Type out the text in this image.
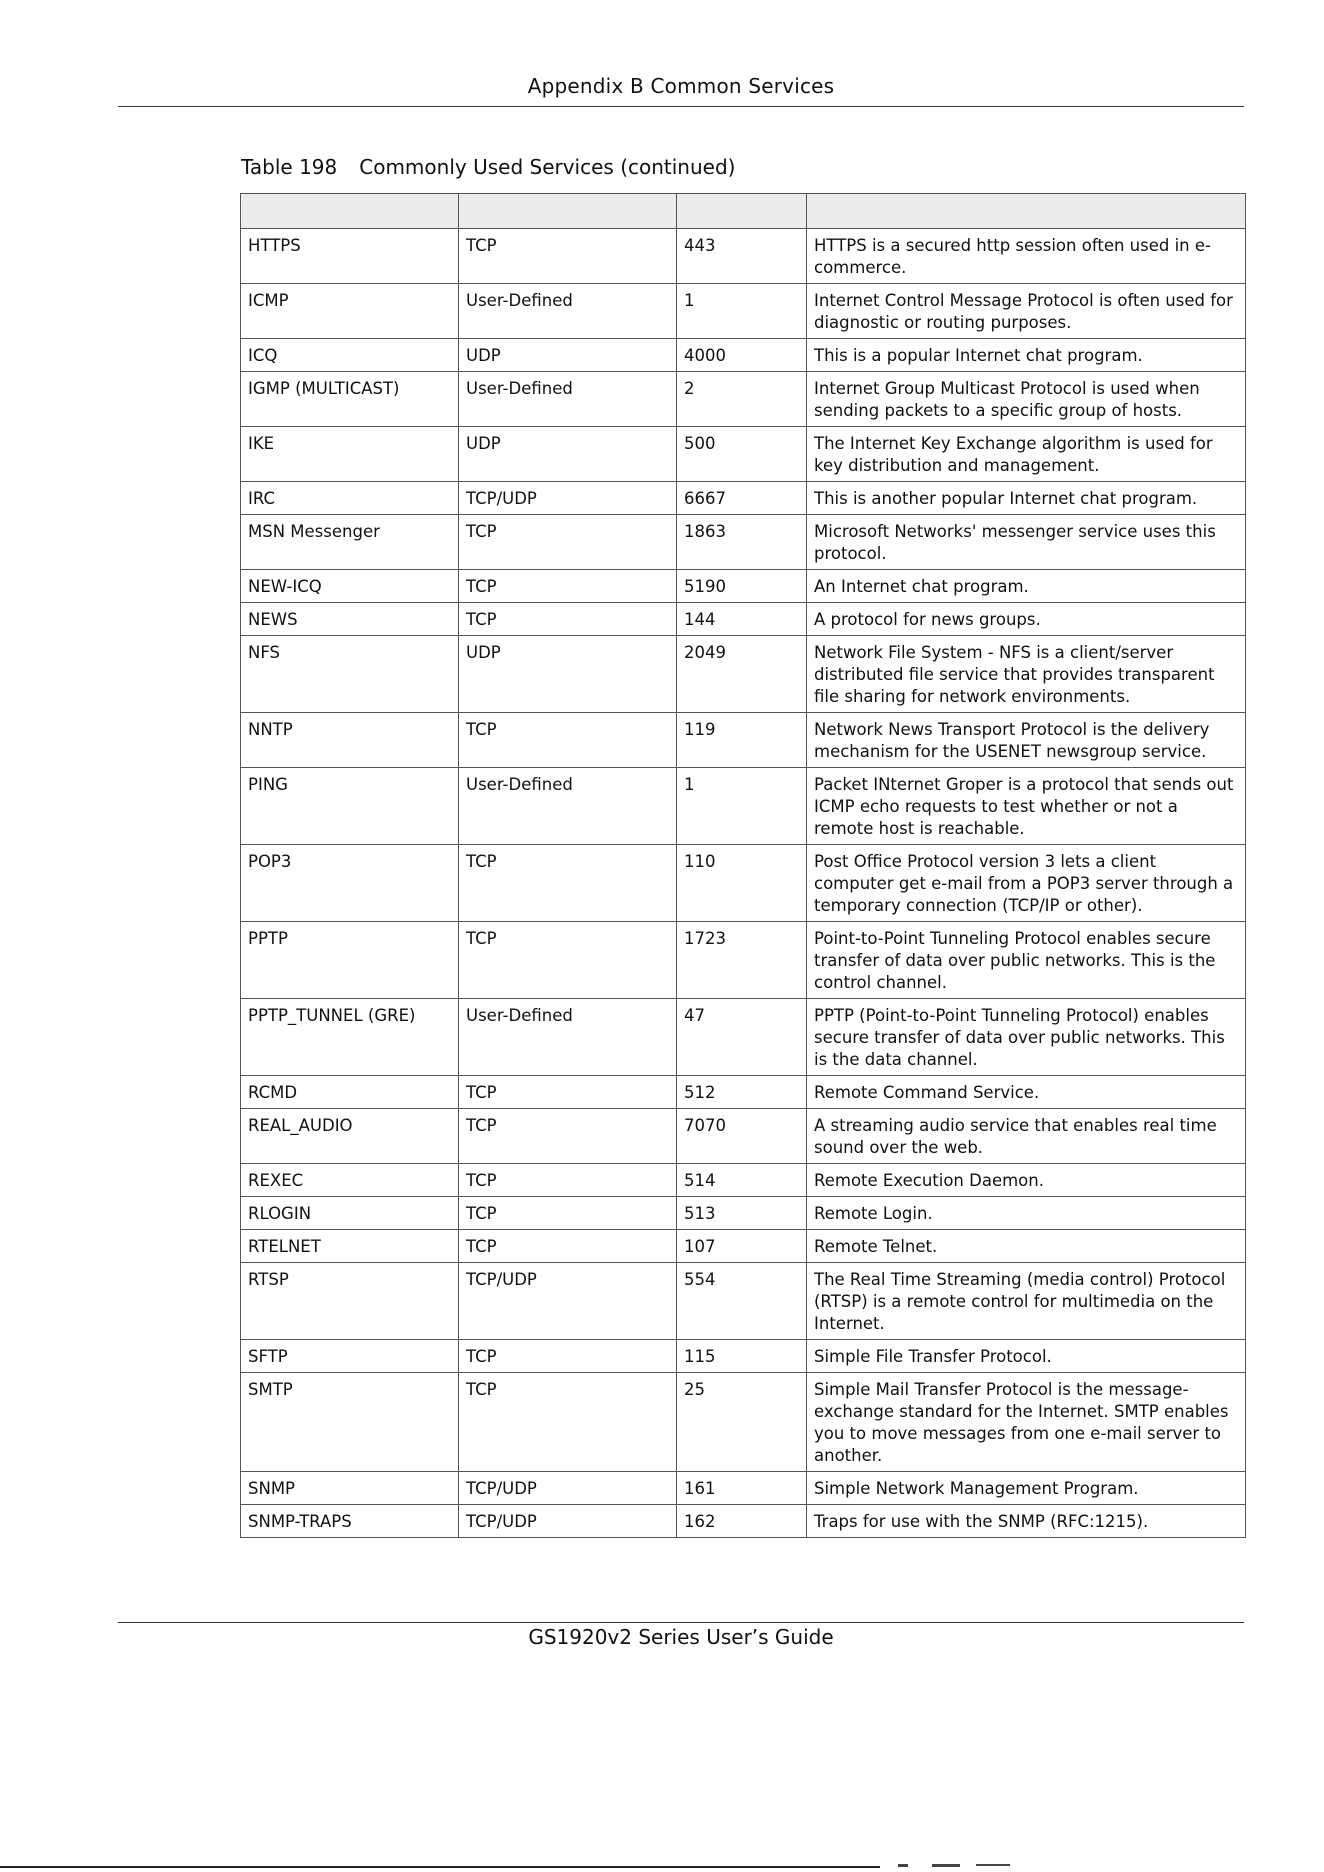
Appendix B Common Services
Table 198 Commonly Used Services (continued)

HTTPS	TCP	443	HTTPS is a secured http session often used in e-commerce.
ICMP	User-Defined	1	Internet Control Message Protocol is often used for diagnostic or routing purposes.
ICQ	UDP	4000	This is a popular Internet chat program.
IGMP (MULTICAST)	User-Defined	2	Internet Group Multicast Protocol is used when sending packets to a specific group of hosts.
IKE	UDP	500	The Internet Key Exchange algorithm is used for key distribution and management.
IRC	TCP/UDP	6667	This is another popular Internet chat program.
MSN Messenger	TCP	1863	Microsoft Networks' messenger service uses this protocol.
NEW-ICQ	TCP	5190	An Internet chat program.
NEWS	TCP	144	A protocol for news groups.
NFS	UDP	2049	Network File System - NFS is a client/server distributed file service that provides transparent file sharing for network environments.
NNTP	TCP	119	Network News Transport Protocol is the delivery mechanism for the USENET newsgroup service.
PING	User-Defined	1	Packet INternet Groper is a protocol that sends out ICMP echo requests to test whether or not a remote host is reachable.
POP3	TCP	110	Post Office Protocol version 3 lets a client computer get e-mail from a POP3 server through a temporary connection (TCP/IP or other).
PPTP	TCP	1723	Point-to-Point Tunneling Protocol enables secure transfer of data over public networks. This is the control channel.
PPTP_TUNNEL (GRE)	User-Defined	47	PPTP (Point-to-Point Tunneling Protocol) enables secure transfer of data over public networks. This is the data channel.
RCMD	TCP	512	Remote Command Service.
REAL_AUDIO	TCP	7070	A streaming audio service that enables real time sound over the web.
REXEC	TCP	514	Remote Execution Daemon.
RLOGIN	TCP	513	Remote Login.
RTELNET	TCP	107	Remote Telnet.
RTSP	TCP/UDP	554	The Real Time Streaming (media control) Protocol (RTSP) is a remote control for multimedia on the Internet.
SFTP	TCP	115	Simple File Transfer Protocol.
SMTP	TCP	25	Simple Mail Transfer Protocol is the message-exchange standard for the Internet. SMTP enables you to move messages from one e-mail server to another.
SNMP	TCP/UDP	161	Simple Network Management Program.
SNMP-TRAPS	TCP/UDP	162	Traps for use with the SNMP (RFC:1215).
GS1920v2 Series User’s Guide
